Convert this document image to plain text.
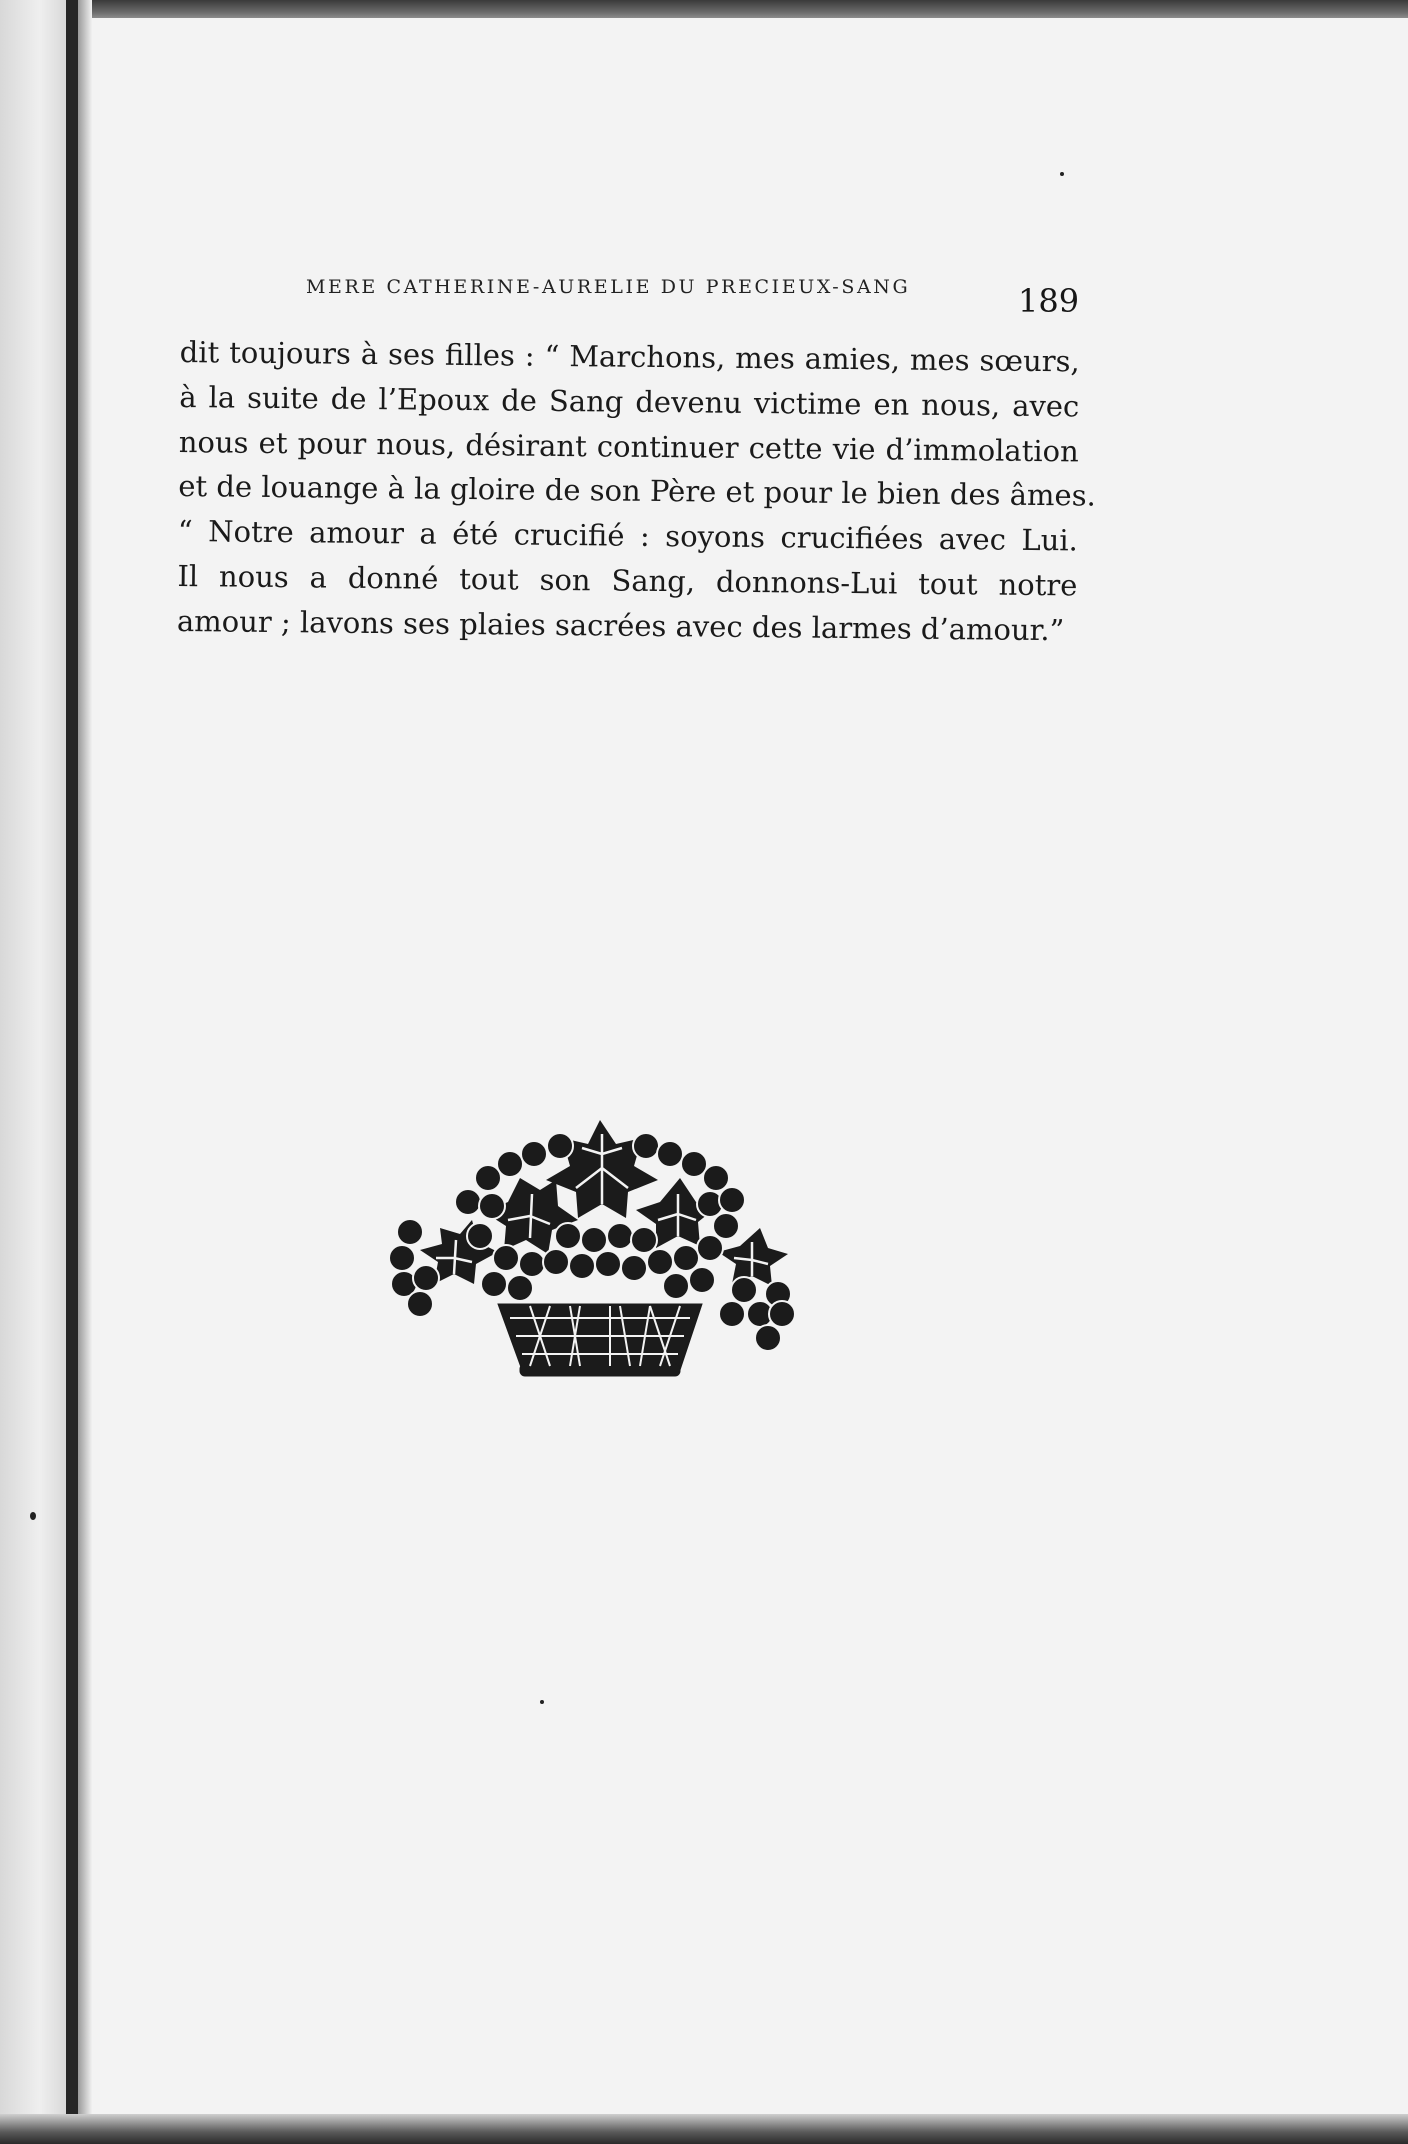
MERE CATHERINE-AURELIE DU PRECIEUX-SANG	189

dit toujours à ses filles : “ Marchons, mes amies, mes sœurs,
à la suite de l’Epoux de Sang devenu victime en nous, avec
nous et pour nous, désirant continuer cette vie d’immolation
et de louange à la gloire de son Père et pour le bien des âmes.
“ Notre amour a été crucifié : soyons crucifiées avec Lui.
Il nous a donné tout son Sang, donnons-Lui tout notre
amour ; lavons ses plaies sacrées avec des larmes d’amour.”
